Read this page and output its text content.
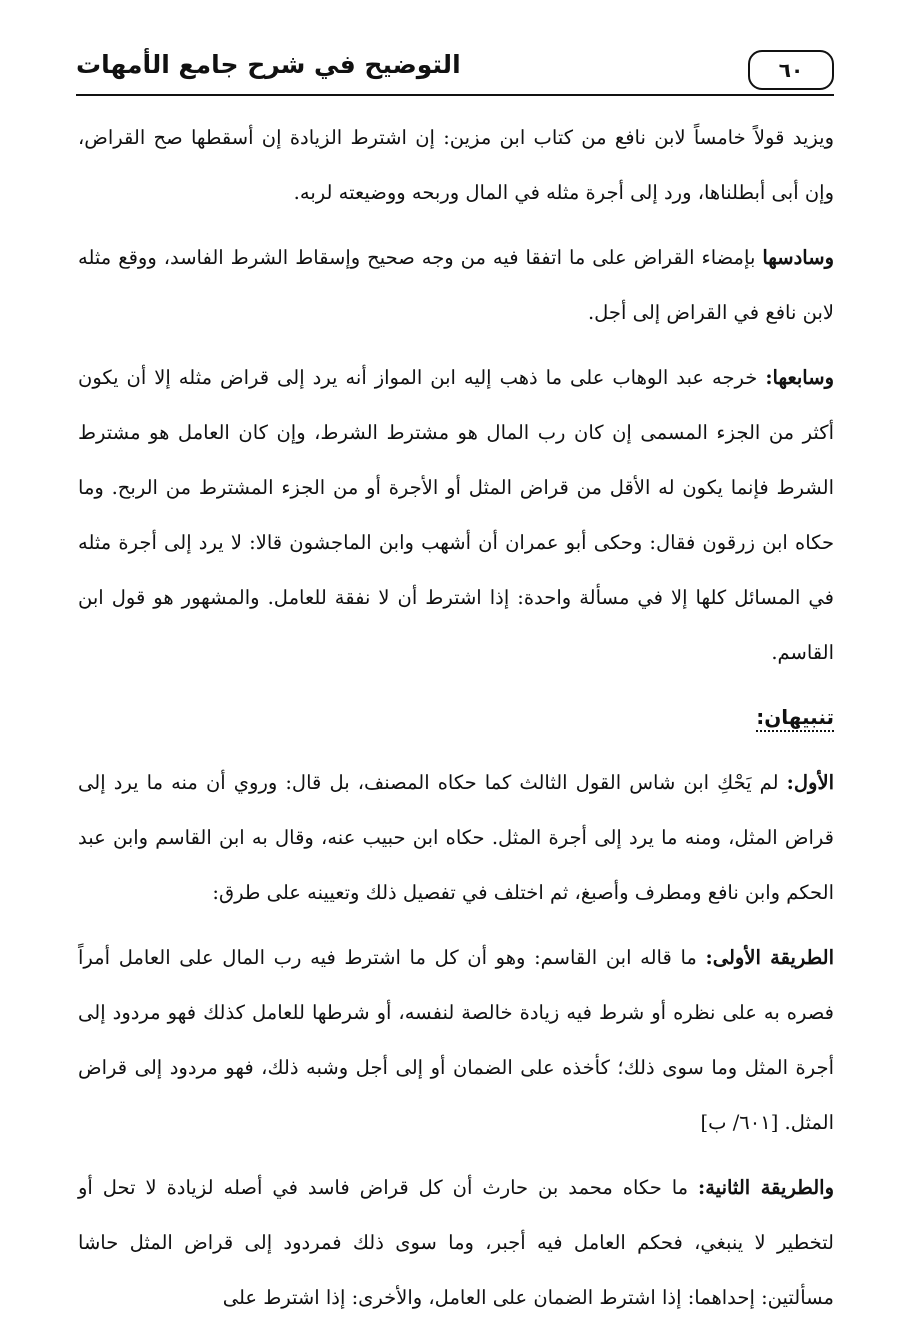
٦٠
التوضيح في شرح جامع الأمهات

ويزيد قولاً خامساً لابن نافع من كتاب ابن مزين: إن اشترط الزيادة إن أسقطها صح القراض، وإن أبى أبطلناها، ورد إلى أجرة مثله في المال وربحه ووضيعته لربه.

وسادسها بإمضاء القراض على ما اتفقا فيه من وجه صحيح وإسقاط الشرط الفاسد، ووقع مثله لابن نافع في القراض إلى أجل.

وسابعها: خرجه عبد الوهاب على ما ذهب إليه ابن المواز أنه يرد إلى قراض مثله إلا أن يكون أكثر من الجزء المسمى إن كان رب المال هو مشترط الشرط، وإن كان العامل هو مشترط الشرط فإنما يكون له الأقل من قراض المثل أو الأجرة أو من الجزء المشترط من الربح. وما حكاه ابن زرقون فقال: وحكى أبو عمران أن أشهب وابن الماجشون قالا: لا يرد إلى أجرة مثله في المسائل كلها إلا في مسألة واحدة: إذا اشترط أن لا نفقة للعامل. والمشهور هو قول ابن القاسم.

تنبيهان:

الأول: لم يَحْكِ ابن شاس القول الثالث كما حكاه المصنف، بل قال: وروي أن منه ما يرد إلى قراض المثل، ومنه ما يرد إلى أجرة المثل. حكاه ابن حبيب عنه، وقال به ابن القاسم وابن عبد الحكم وابن نافع ومطرف وأصبغ، ثم اختلف في تفصيل ذلك وتعيينه على طرق:

الطريقة الأولى: ما قاله ابن القاسم: وهو أن كل ما اشترط فيه رب المال على العامل أمراً فصره به على نظره أو شرط فيه زيادة خالصة لنفسه، أو شرطها للعامل كذلك فهو مردود إلى أجرة المثل وما سوى ذلك؛ كأخذه على الضمان أو إلى أجل وشبه ذلك، فهو مردود إلى قراض المثل. [٦٠١/ ب]

والطريقة الثانية: ما حكاه محمد بن حارث أن كل قراض فاسد في أصله لزيادة لا تحل أو لتخطير لا ينبغي، فحكم العامل فيه أجبر، وما سوى ذلك فمردود إلى قراض المثل حاشا مسألتين: إحداهما: إذا اشترط الضمان على العامل، والأخرى: إذا اشترط على
